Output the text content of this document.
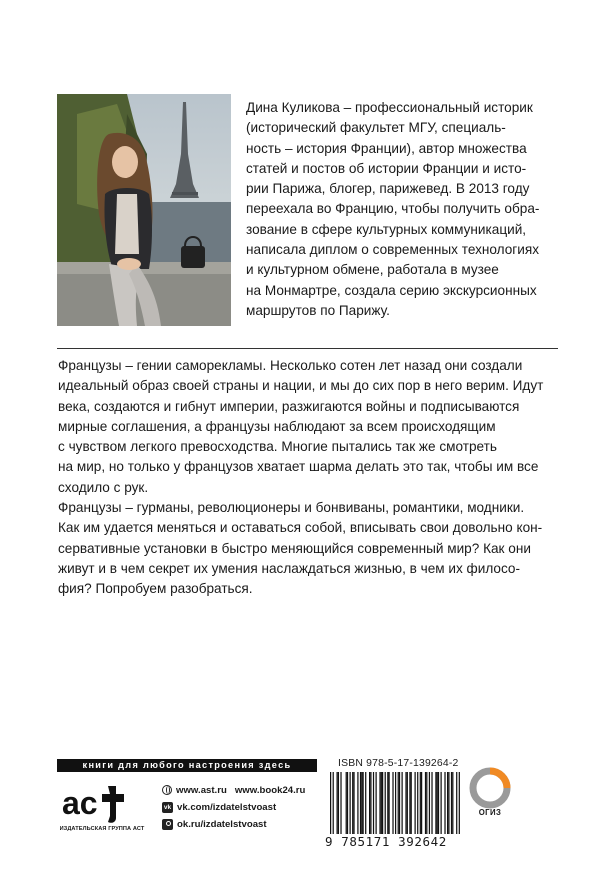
Дина Куликова – профессиональный историк
(исторический факультет МГУ, специаль-
ность – история Франции), автор множества
статей и постов об истории Франции и исто-
рии Парижа, блогер, парижевед. В 2013 году
переехала во Францию, чтобы получить обра-
зование в сфере культурных коммуникаций,
написала диплом о современных технологиях
и культурном обмене, работала в музее
на Монмартре, создала серию экскурсионных
маршрутов по Парижу.

Французы – гении саморекламы. Несколько сотен лет назад они создали
идеальный образ своей страны и нации, и мы до сих пор в него верим. Идут
века, создаются и гибнут империи, разжигаются войны и подписываются
мирные соглашения, а французы наблюдают за всем происходящим
с чувством легкого превосходства. Многие пытались так же смотреть
на мир, но только у французов хватает шарма делать это так, чтобы им все
сходило с рук.

Французы – гурманы, революционеры и бонвиваны, романтики, модники.
Как им удается меняться и оставаться собой, вписывать свои довольно кон-
сервативные установки в быстро меняющийся современный мир? Как они
живут и в чем секрет их умения наслаждаться жизнью, в чем их филосо-
фия? Попробуем разобраться.

книги для любого настроения здесь
ac
ИЗДАТЕЛЬСКАЯ ГРУППА АСТ
www.ast.ru www.book24.ru
vk vk.com/izdatelstvoast
ok.ru/izdatelstvoast
ISBN 978-5-17-139264-2
9 785171 392642
ОГИЗ
